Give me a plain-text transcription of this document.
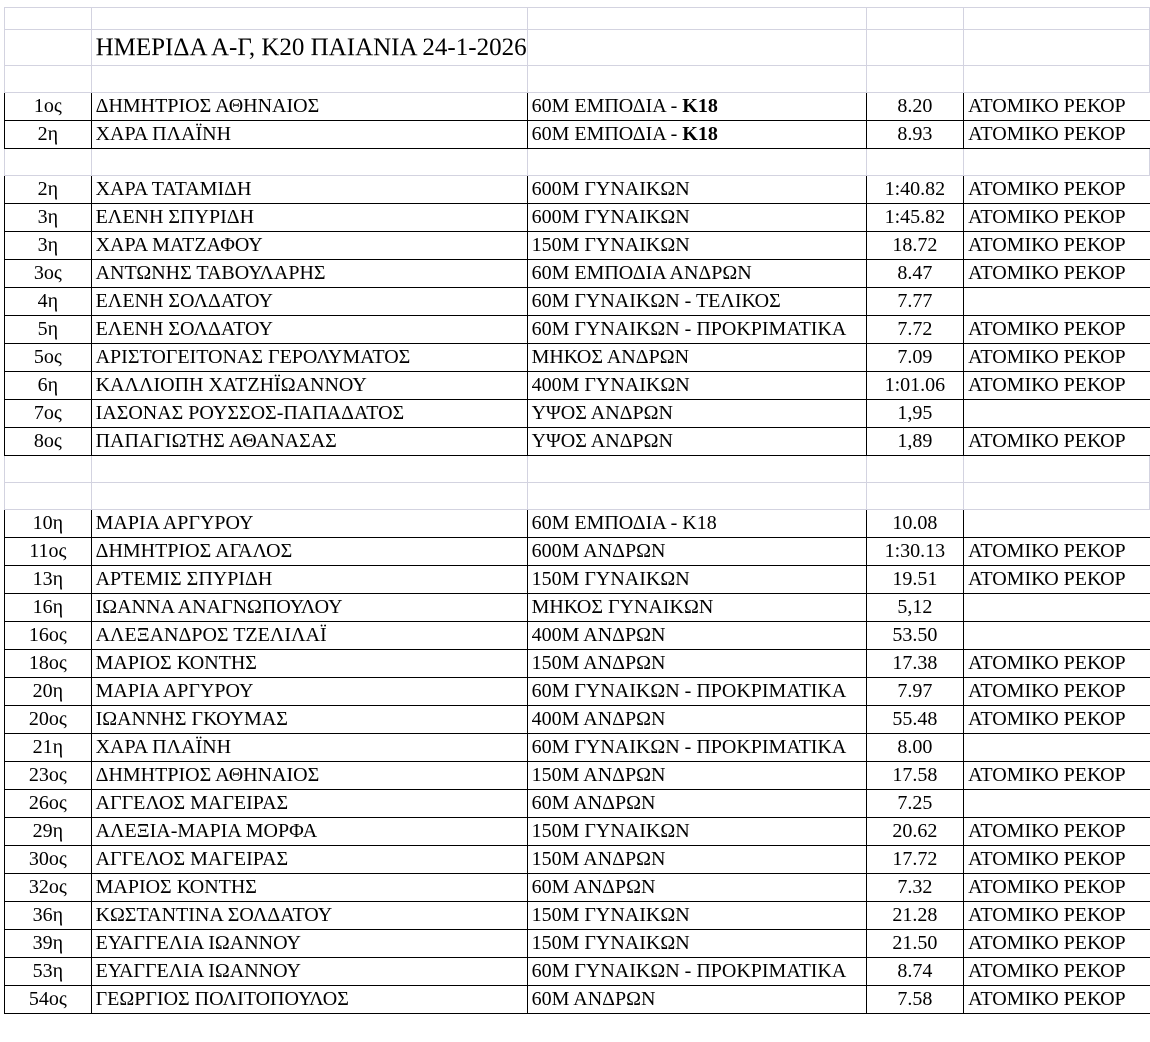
	ΗΜΕΡΙΔΑ Α-Γ, Κ20 ΠΑΙΑΝΙΑ 24-1-2026			

1ος	ΔΗΜΗΤΡΙΟΣ ΑΘΗΝΑΙΟΣ	60Μ ΕΜΠΟΔΙΑ - Κ18	8.20	ΑΤΟΜΙΚΟ ΡΕΚΟΡ
2η	ΧΑΡΑ ΠΛΑΪΝΗ	60Μ ΕΜΠΟΔΙΑ - Κ18	8.93	ΑΤΟΜΙΚΟ ΡΕΚΟΡ

2η	ΧΑΡΑ ΤΑΤΑΜΙΔΗ	600Μ ΓΥΝΑΙΚΩΝ	1:40.82	ΑΤΟΜΙΚΟ ΡΕΚΟΡ
3η	ΕΛΕΝΗ ΣΠΥΡΙΔΗ	600Μ ΓΥΝΑΙΚΩΝ	1:45.82	ΑΤΟΜΙΚΟ ΡΕΚΟΡ
3η	ΧΑΡΑ ΜΑΤΖΑΦΟΥ	150Μ ΓΥΝΑΙΚΩΝ	18.72	ΑΤΟΜΙΚΟ ΡΕΚΟΡ
3ος	ΑΝΤΩΝΗΣ ΤΑΒΟΥΛΑΡΗΣ	60Μ ΕΜΠΟΔΙΑ ΑΝΔΡΩΝ	8.47	ΑΤΟΜΙΚΟ ΡΕΚΟΡ
4η	ΕΛΕΝΗ ΣΟΛΔΑΤΟΥ	60Μ ΓΥΝΑΙΚΩΝ - ΤΕΛΙΚΟΣ	7.77	
5η	ΕΛΕΝΗ ΣΟΛΔΑΤΟΥ	60Μ ΓΥΝΑΙΚΩΝ - ΠΡΟΚΡΙΜΑΤΙΚΑ	7.72	ΑΤΟΜΙΚΟ ΡΕΚΟΡ
5ος	ΑΡΙΣΤΟΓΕΙΤΟΝΑΣ ΓΕΡΟΛΥΜΑΤΟΣ	ΜΗΚΟΣ ΑΝΔΡΩΝ	7.09	ΑΤΟΜΙΚΟ ΡΕΚΟΡ
6η	ΚΑΛΛΙΟΠΗ ΧΑΤΖΗΪΩΑΝΝΟΥ	400Μ ΓΥΝΑΙΚΩΝ	1:01.06	ΑΤΟΜΙΚΟ ΡΕΚΟΡ
7ος	ΙΑΣΟΝΑΣ ΡΟΥΣΣΟΣ-ΠΑΠΑΔΑΤΟΣ	ΥΨΟΣ ΑΝΔΡΩΝ	1,95	
8ος	ΠΑΠΑΓΙΩΤΗΣ ΑΘΑΝΑΣΑΣ	ΥΨΟΣ ΑΝΔΡΩΝ	1,89	ΑΤΟΜΙΚΟ ΡΕΚΟΡ

10η	ΜΑΡΙΑ ΑΡΓΥΡΟΥ	60Μ ΕΜΠΟΔΙΑ - Κ18	10.08	
11ος	ΔΗΜΗΤΡΙΟΣ ΑΓΑΛΟΣ	600Μ ΑΝΔΡΩΝ	1:30.13	ΑΤΟΜΙΚΟ ΡΕΚΟΡ
13η	ΑΡΤΕΜΙΣ ΣΠΥΡΙΔΗ	150Μ ΓΥΝΑΙΚΩΝ	19.51	ΑΤΟΜΙΚΟ ΡΕΚΟΡ
16η	ΙΩΑΝΝΑ ΑΝΑΓΝΩΠΟΥΛΟΥ	ΜΗΚΟΣ ΓΥΝΑΙΚΩΝ	5,12	
16ος	ΑΛΕΞΑΝΔΡΟΣ ΤΖΕΛΙΛΑΪ	400Μ ΑΝΔΡΩΝ	53.50	
18ος	ΜΑΡΙΟΣ ΚΟΝΤΗΣ	150Μ ΑΝΔΡΩΝ	17.38	ΑΤΟΜΙΚΟ ΡΕΚΟΡ
20η	ΜΑΡΙΑ ΑΡΓΥΡΟΥ	60Μ ΓΥΝΑΙΚΩΝ - ΠΡΟΚΡΙΜΑΤΙΚΑ	7.97	ΑΤΟΜΙΚΟ ΡΕΚΟΡ
20ος	ΙΩΑΝΝΗΣ ΓΚΟΥΜΑΣ	400Μ ΑΝΔΡΩΝ	55.48	ΑΤΟΜΙΚΟ ΡΕΚΟΡ
21η	ΧΑΡΑ ΠΛΑΪΝΗ	60Μ ΓΥΝΑΙΚΩΝ - ΠΡΟΚΡΙΜΑΤΙΚΑ	8.00	
23ος	ΔΗΜΗΤΡΙΟΣ ΑΘΗΝΑΙΟΣ	150Μ ΑΝΔΡΩΝ	17.58	ΑΤΟΜΙΚΟ ΡΕΚΟΡ
26ος	ΑΓΓΕΛΟΣ ΜΑΓΕΙΡΑΣ	60Μ ΑΝΔΡΩΝ	7.25	
29η	ΑΛΕΞΙΑ-ΜΑΡΙΑ ΜΟΡΦΑ	150Μ ΓΥΝΑΙΚΩΝ	20.62	ΑΤΟΜΙΚΟ ΡΕΚΟΡ
30ος	ΑΓΓΕΛΟΣ ΜΑΓΕΙΡΑΣ	150Μ ΑΝΔΡΩΝ	17.72	ΑΤΟΜΙΚΟ ΡΕΚΟΡ
32ος	ΜΑΡΙΟΣ ΚΟΝΤΗΣ	60Μ ΑΝΔΡΩΝ	7.32	ΑΤΟΜΙΚΟ ΡΕΚΟΡ
36η	ΚΩΣΤΑΝΤΙΝΑ ΣΟΛΔΑΤΟΥ	150Μ ΓΥΝΑΙΚΩΝ	21.28	ΑΤΟΜΙΚΟ ΡΕΚΟΡ
39η	ΕΥΑΓΓΕΛΙΑ ΙΩΑΝΝΟΥ	150Μ ΓΥΝΑΙΚΩΝ	21.50	ΑΤΟΜΙΚΟ ΡΕΚΟΡ
53η	ΕΥΑΓΓΕΛΙΑ ΙΩΑΝΝΟΥ	60Μ ΓΥΝΑΙΚΩΝ - ΠΡΟΚΡΙΜΑΤΙΚΑ	8.74	ΑΤΟΜΙΚΟ ΡΕΚΟΡ
54ος	ΓΕΩΡΓΙΟΣ ΠΟΛΙΤΟΠΟΥΛΟΣ	60Μ ΑΝΔΡΩΝ	7.58	ΑΤΟΜΙΚΟ ΡΕΚΟΡ
